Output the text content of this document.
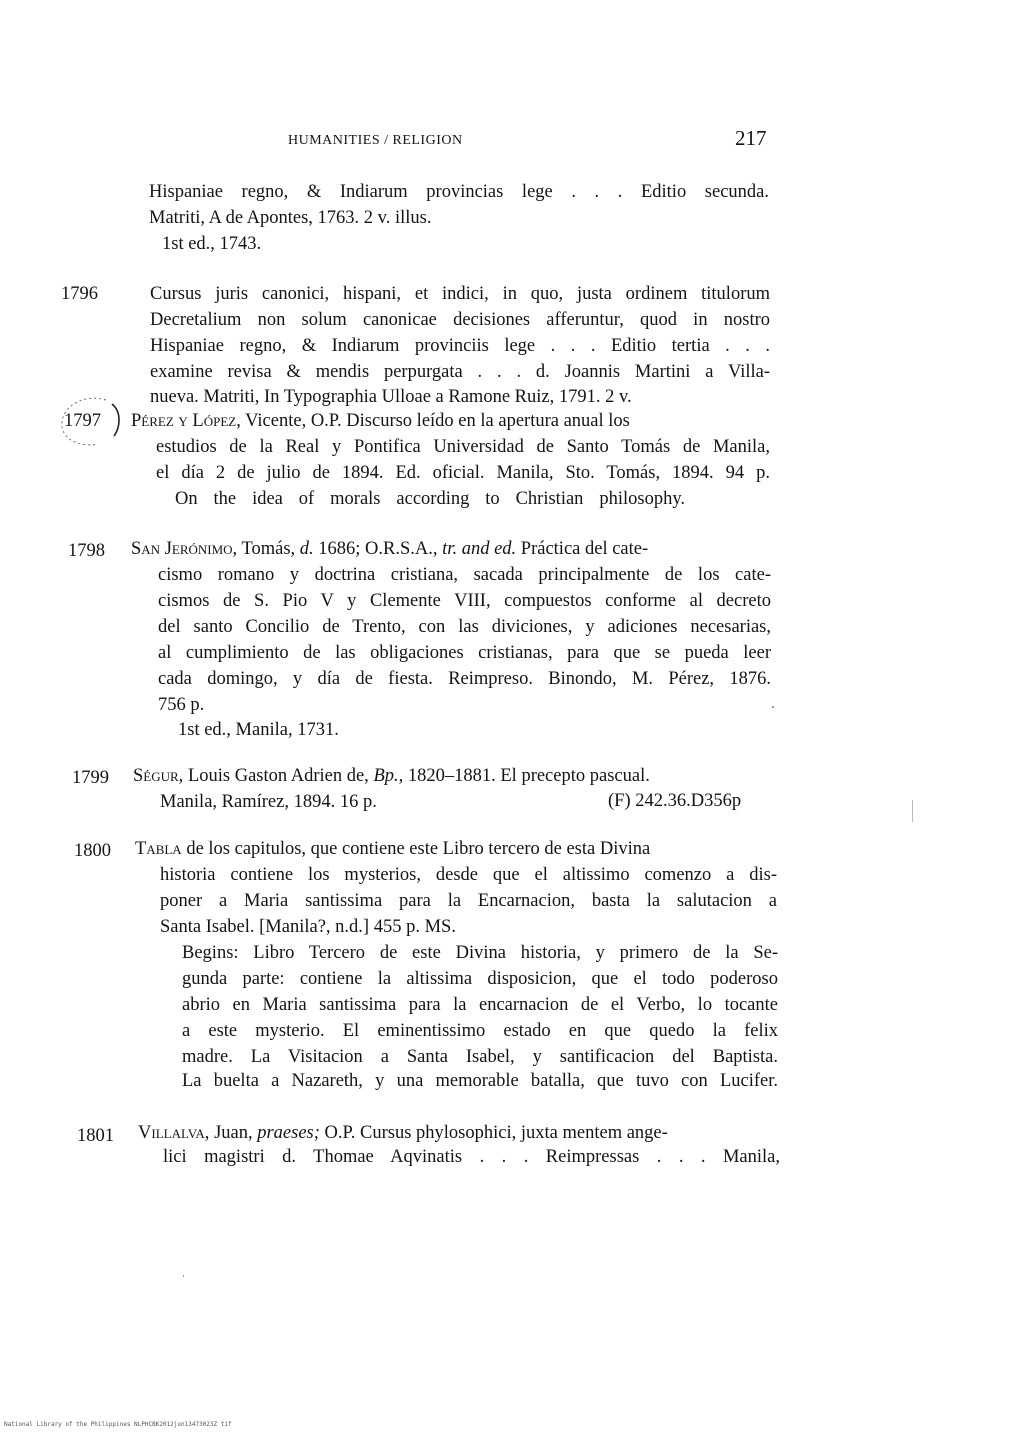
HUMANITIES / RELIGION	217
Hispaniae regno, & Indiarum provincias lege . . . Editio secunda.
Matriti, A de Apontes, 1763. 2 v. illus.
1st ed., 1743.
1796	Cursus juris canonici, hispani, et indici, in quo, justa ordinem titulorum
Decretalium non solum canonicae decisiones afferuntur, quod in nostro
Hispaniae regno, & Indiarum provinciis lege . . . Editio tertia . . .
examine revisa & mendis perpurgata . . . d. Joannis Martini a Villa-
nueva. Matriti, In Typographia Ulloae a Ramone Ruiz, 1791. 2 v.
1797 Pérez y López, Vicente, O.P. Discurso leído en la apertura anual los
estudios de la Real y Pontifica Universidad de Santo Tomás de Manila,
el día 2 de julio de 1894. Ed. oficial. Manila, Sto. Tomás, 1894. 94 p.
On the idea of morals according to Christian philosophy.
1798 San Jerónimo, Tomás, d. 1686; O.R.S.A., tr. and ed. Práctica del cate-
cismo romano y doctrina cristiana, sacada principalmente de los cate-
cismos de S. Pio V y Clemente VIII, compuestos conforme al decreto
del santo Concilio de Trento, con las diviciones, y adiciones necesarias,
al cumplimiento de las obligaciones cristianas, para que se pueda leer
cada domingo, y día de fiesta. Reimpreso. Binondo, M. Pérez, 1876.
756 p.
1st ed., Manila, 1731.
1799 Ségur, Louis Gaston Adrien de, Bp., 1820–1881. El precepto pascual.
Manila, Ramírez, 1894. 16 p.	(F) 242.36.D356p
1800 Tabla de los capitulos, que contiene este Libro tercero de esta Divina
historia contiene los mysterios, desde que el altissimo comenzo a dis-
poner a Maria santissima para la Encarnacion, basta la salutacion a
Santa Isabel. [Manila?, n.d.] 455 p. MS.
Begins: Libro Tercero de este Divina historia, y primero de la Se-
gunda parte: contiene la altissima disposicion, que el todo poderoso
abrio en Maria santissima para la encarnacion de el Verbo, lo tocante
a este mysterio. El eminentissimo estado en que quedo la felix
madre. La Visitacion a Santa Isabel, y santificacion del Baptista.
La buelta a Nazareth, y una memorable batalla, que tuvo con Lucifer.
1801 Villalva, Juan, praeses; O.P. Cursus phylosophici, juxta mentem ange-
lici magistri d. Thomae Aqvinatis . . . Reimpressas . . . Manila,
National Library of the Philippines NLPHCBK2012jun13473023Z tif
